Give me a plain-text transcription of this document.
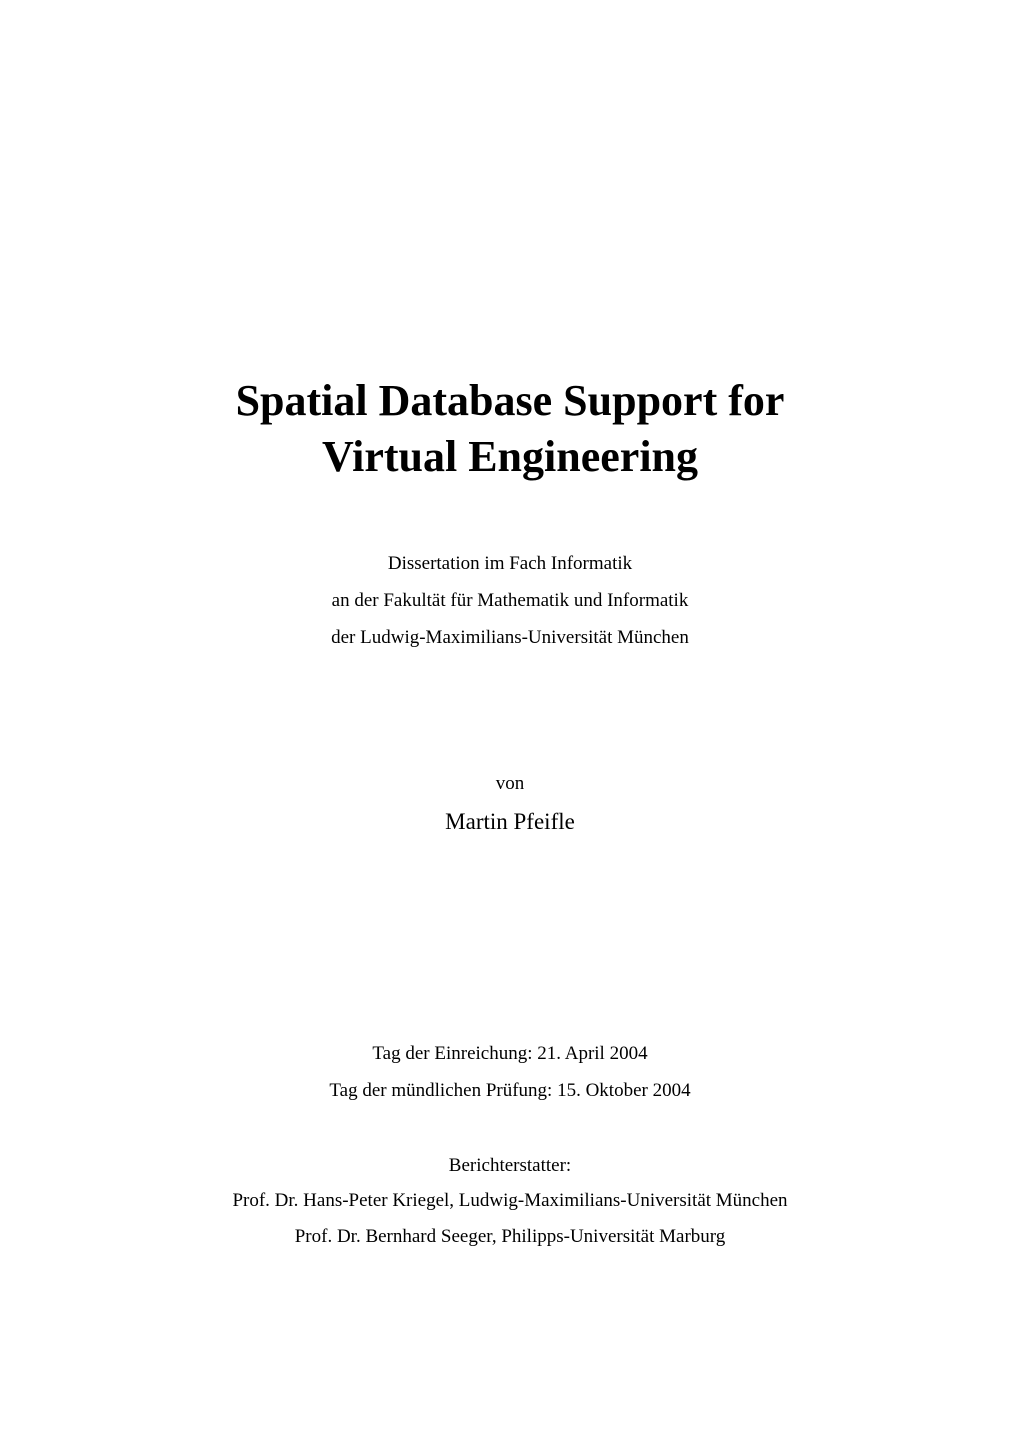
Spatial Database Support for
Virtual Engineering
Dissertation im Fach Informatik
an der Fakultät für Mathematik und Informatik
der Ludwig-Maximilians-Universität München
von
Martin Pfeifle
Tag der Einreichung: 21. April 2004
Tag der mündlichen Prüfung: 15. Oktober 2004
Berichterstatter:
Prof. Dr. Hans-Peter Kriegel, Ludwig-Maximilians-Universität München
Prof. Dr. Bernhard Seeger, Philipps-Universität Marburg
